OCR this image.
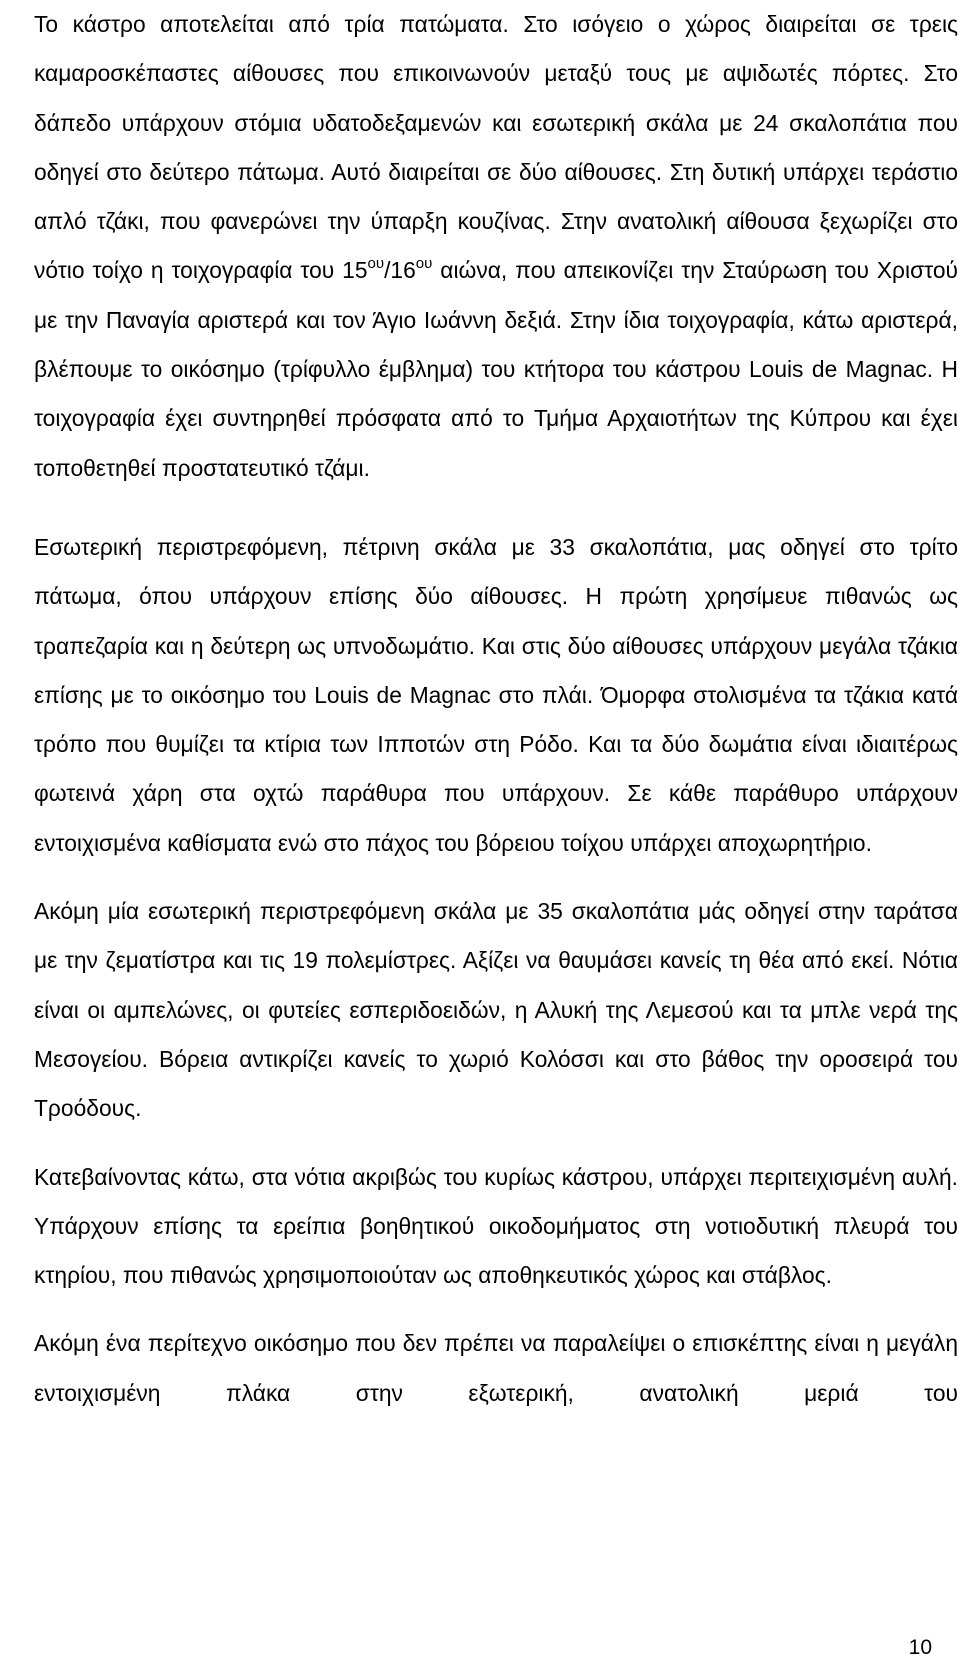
Το κάστρο αποτελείται από τρία πατώματα. Στο ισόγειο ο χώρος διαιρείται σε τρεις καμαροσκέπαστες αίθουσες που επικοινωνούν μεταξύ τους με αψιδωτές πόρτες. Στο δάπεδο υπάρχουν στόμια υδατοδεξαμενών και εσωτερική σκάλα με 24 σκαλοπάτια που οδηγεί στο δεύτερο πάτωμα. Αυτό διαιρείται σε δύο αίθουσες. Στη δυτική υπάρχει τεράστιο απλό τζάκι, που φανερώνει την ύπαρξη κουζίνας. Στην ανατολική αίθουσα ξεχωρίζει στο νότιο τοίχο η τοιχογραφία του $15^{o\upsilon}/16^{o\upsilon}$ αιώνα, που απεικονίζει την Σταύρωση του Χριστού με την Παναγία αριστερά και τον Άγιο Ιωάννη δεξιά. Στην ίδια τοιχογραφία, κάτω αριστερά, βλέπουμε το οικόσημο (τρίφυλλο έμβλημα) του κτήτορα του κάστρου Louis de Magnac. Η τοιχογραφία έχει συντηρηθεί πρόσφατα από το Τμήμα Αρχαιοτήτων της Κύπρου και έχει τοποθετηθεί προστατευτικό τζάμι.

Εσωτερική περιστρεφόμενη, πέτρινη σκάλα με 33 σκαλοπάτια, μας οδηγεί στο τρίτο πάτωμα, όπου υπάρχουν επίσης δύο αίθουσες. Η πρώτη χρησίμευε πιθανώς ως τραπεζαρία και η δεύτερη ως υπνοδωμάτιο. Και στις δύο αίθουσες υπάρχουν μεγάλα τζάκια επίσης με το οικόσημο του Louis de Magnac στο πλάι. Όμορφα στολισμένα τα τζάκια κατά τρόπο που θυμίζει τα κτίρια των Ιπποτών στη Ρόδο. Και τα δύο δωμάτια είναι ιδιαιτέρως φωτεινά χάρη στα οχτώ παράθυρα που υπάρχουν. Σε κάθε παράθυρο υπάρχουν εντοιχισμένα καθίσματα ενώ στο πάχος του βόρειου τοίχου υπάρχει αποχωρητήριο.

Ακόμη μία εσωτερική περιστρεφόμενη σκάλα με 35 σκαλοπάτια μάς οδηγεί στην ταράτσα με την ζεματίστρα και τις 19 πολεμίστρες. Αξίζει να θαυμάσει κανείς τη θέα από εκεί. Νότια είναι οι αμπελώνες, οι φυτείες εσπεριδοειδών, η Αλυκή της Λεμεσού και τα μπλε νερά της Μεσογείου. Βόρεια αντικρίζει κανείς το χωριό Κολόσσι και στο βάθος την οροσειρά του Τροόδους.

Κατεβαίνοντας κάτω, στα νότια ακριβώς του κυρίως κάστρου, υπάρχει περιτειχισμένη αυλή. Υπάρχουν επίσης τα ερείπια βοηθητικού οικοδομήματος στη νοτιοδυτική πλευρά του κτηρίου, που πιθανώς χρησιμοποιούταν ως αποθηκευτικός χώρος και στάβλος.

Ακόμη ένα περίτεχνο οικόσημο που δεν πρέπει να παραλείψει ο επισκέπτης είναι η μεγάλη εντοιχισμένη πλάκα στην εξωτερική, ανατολική μεριά του

10
